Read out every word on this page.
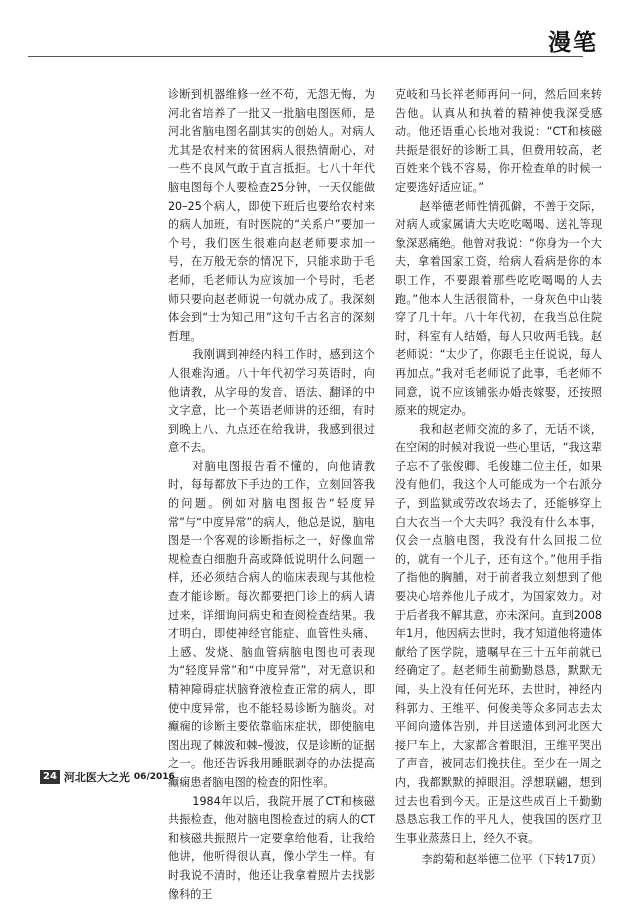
漫笔

诊断到机器维修一丝不苟，无怨无悔，为河北省培养了一批又一批脑电图医师，是河北省脑电图名副其实的创始人。对病人尤其是农村来的贫困病人很热情耐心，对一些不良风气敢于直言抵拒。七八十年代脑电图每个人要检查25分钟，一天仅能做20–25个病人，即使下班后也要给农村来的病人加班，有时医院的“关系户”要加一个号，我们医生很难向赵老师要求加一号，在万般无奈的情况下，只能求助于毛老师，毛老师认为应该加一个号时，毛老师只要向赵老师说一句就办成了。我深刻体会到“士为知己用”这句千古名言的深刻哲理。

我刚调到神经内科工作时，感到这个人很难沟通。八十年代初学习英语时，向他请教，从字母的发音、语法、翻译的中文字意，比一个英语老师讲的还细，有时到晚上八、九点还在给我讲，我感到很过意不去。

对脑电图报告看不懂的，向他请教时，每每都放下手边的工作，立刻回答我的问题。例如对脑电图报告“轻度异常”与“中度异常”的病人，他总是说，脑电图是一个客观的诊断指标之一，好像血常规检查白细胞升高或降低说明什么问题一样，还必须结合病人的临床表现与其他检查才能诊断。每次都要把门诊上的病人请过来，详细询问病史和查阅检查结果。我才明白，即使神经官能症、血管性头痛、上感、发烧、脑血管病脑电图也可表现为“轻度异常”和“中度异常”，对无意识和精神障碍症状脑脊液检查正常的病人，即使中度异常，也不能轻易诊断为脑炎。对癫痫的诊断主要依靠临床症状，即使脑电图出现了棘波和棘–慢波，仅是诊断的证据之一。他还告诉我用睡眠剥夺的办法提高癫痫患者脑电图的检查的阳性率。

1984年以后，我院开展了CT和核磁共振检查，他对脑电图检查过的病人的CT和核磁共振照片一定要拿给他看，让我给他讲，他听得很认真，像小学生一样。有时我说不清时，他还让我拿着照片去找影像科的王

克岐和马长祥老师再问一问，然后回来转告他。认真从和执着的精神使我深受感动。他还语重心长地对我说：“CT和核磁共振是很好的诊断工具，但费用较高，老百姓来个钱不容易，你开检查单的时候一定要选好适应证。”

赵举德老师性情孤僻，不善于交际，对病人或家属请大夫吃吃喝喝、送礼等现象深恶痛绝。他曾对我说：“你身为一个大夫，拿着国家工资，给病人看病是你的本职工作，不要跟着那些吃吃喝喝的人去跑。”他本人生活很简朴，一身灰色中山装穿了几十年。八十年代初，在我当总住院时，科室有人结婚，每人只收两毛钱。赵老师说：“太少了，你跟毛主任说说，每人再加点。”我对毛老师说了此事，毛老师不同意，说不应该铺张办婚丧嫁娶，还按照原来的规定办。

我和赵老师交流的多了，无话不谈，在空闲的时候对我说一些心里话，“我这辈子忘不了张俊卿、毛俊雄二位主任，如果没有他们，我这个人可能成为一个右派分子，到监狱或劳改农场去了，还能够穿上白大衣当一个大夫吗？我没有什么本事，仅会一点脑电图，我没有什么回报二位的，就有一个儿子，还有这个。”他用手指了指他的胸脯，对于前者我立刻想到了他要决心培养他儿子成才，为国家效力。对于后者我不解其意，亦未深问。直到2008年1月，他因病去世时，我才知道他将遗体献给了医学院，遗嘱早在三十五年前就已经确定了。赵老师生前勤勤恳恳，默默无闻，头上没有任何光环，去世时，神经内科郭力、王维平、何俊美等众多同志去太平间向遗体告别，并目送遗体到河北医大接尸车上，大家都含着眼泪，王维平哭出了声音，被同志们挽扶住。至少在一周之内，我都默默的掉眼泪。浮想联翩，想到过去也看到今天。正是这些成百上千勤勤恳恳忘我工作的平凡人，使我国的医疗卫生事业蒸蒸日上，经久不衰。

李韵菊和赵举德二位平（下转17页）
24 河北医大之光 06/2016
